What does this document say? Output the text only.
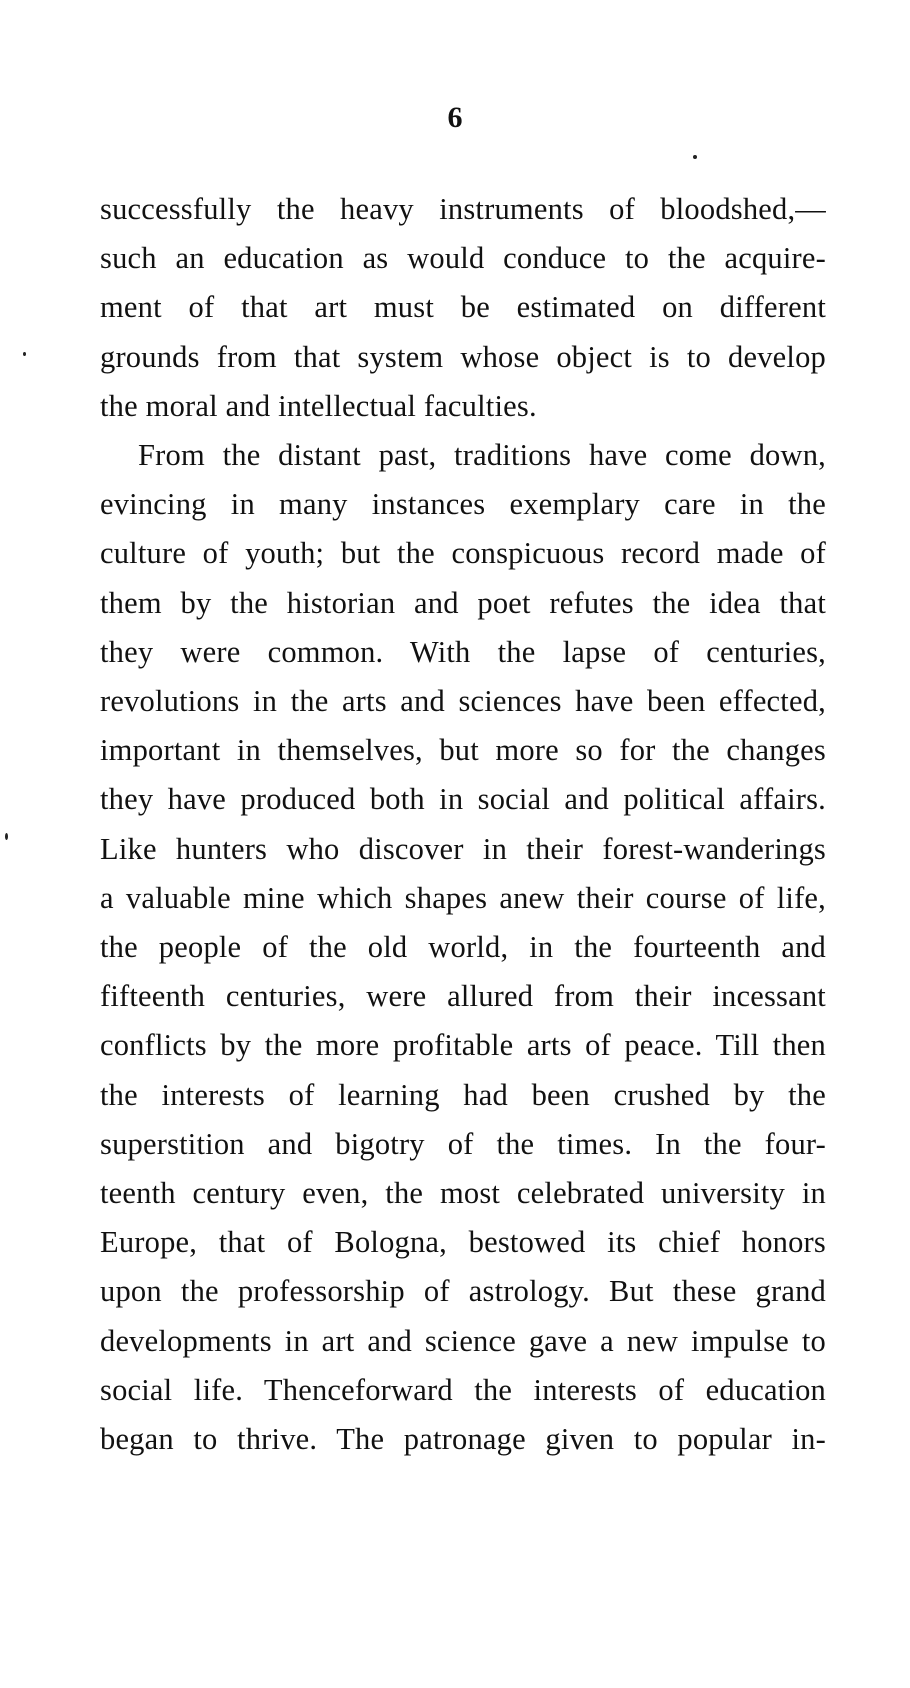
6
successfully the heavy instruments of bloodshed,—
such an education as would conduce to the acquire-
ment of that art must be estimated on different
grounds from that system whose object is to develop
the moral and intellectual faculties.
From the distant past, traditions have come down,
evincing in many instances exemplary care in the
culture of youth; but the conspicuous record made of
them by the historian and poet refutes the idea that
they were common. With the lapse of centuries,
revolutions in the arts and sciences have been effected,
important in themselves, but more so for the changes
they have produced both in social and political affairs.
Like hunters who discover in their forest-wanderings
a valuable mine which shapes anew their course of life,
the people of the old world, in the fourteenth and
fifteenth centuries, were allured from their incessant
conflicts by the more profitable arts of peace. Till then
the interests of learning had been crushed by the
superstition and bigotry of the times. In the four-
teenth century even, the most celebrated university in
Europe, that of Bologna, bestowed its chief honors
upon the professorship of astrology. But these grand
developments in art and science gave a new impulse to
social life. Thenceforward the interests of education
began to thrive. The patronage given to popular in-
